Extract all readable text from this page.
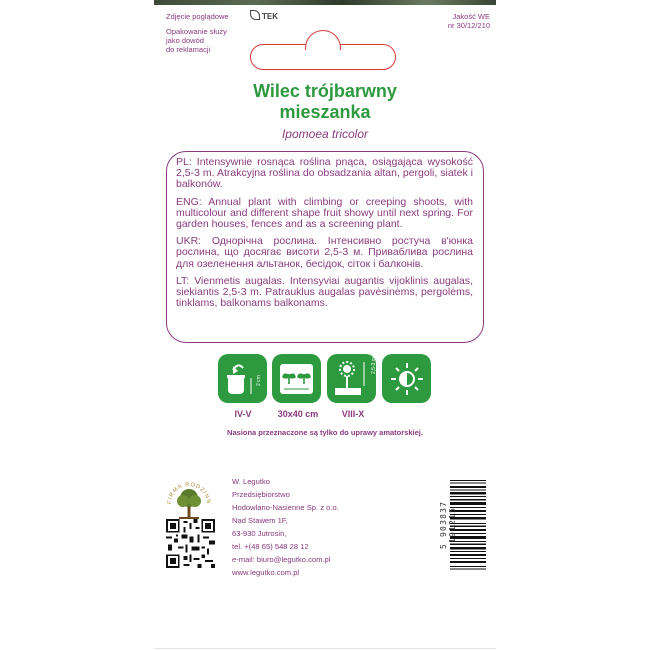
Zdjęcie poglądowe	TEK
Opakowanie służy
jako dowód
do reklamacji
Jakość WE
nr 30/12/210
Wilec trójbarwny
mieszanka
Ipomoea tricolor

PL: Intensywnie rosnąca roślina pnąca, osiągająca wysokość 2,5-3 m. Atrakcyjna roślina do obsadzania altan, pergoli, siatek i balkonów.

ENG: Annual plant with climbing or creeping shoots, with multicolour and different shape fruit showy until next spring. For garden houses, fences and as a screening plant.

UKR: Однорічна рослина. Інтенсивно ростуча в'юнка рослина, що досягає висоти 2,5-3 м. Приваблива рослина для озеленення альтанок, бесідок, сіток і балконів.

LT: Vienmetis augalas. Intensyviai augantis vijoklinis augalas, siekiantis 2,5-3 m. Patrauklus augalas pavėsinėms, pergolėms, tinklams, balkonams balkonams.

2 cm
2,5-3 m
IV-V	30x40 cm	VIII-X
Nasiona przeznaczone są tylko do uprawy amatorskiej.
FIRMA RODZINN
W. Legutko
Przedsiębiorstwo
Hodowlano-Nasienne Sp. z o.o.
Nad Stawem 1F,
63-930 Jutrosin,
tel. +(48 65) 548 28 12
e-mail: biuro@legutko.com.pl
www.legutko.com.pl
5 903837 191215
